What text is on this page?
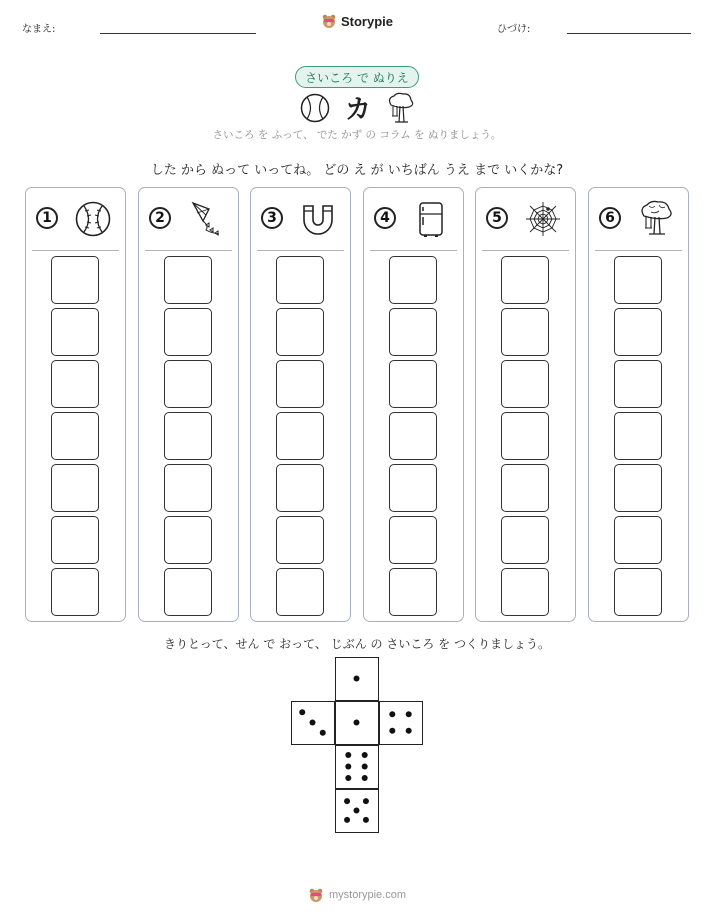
なまえ:
Storypie
ひづけ:
さいころ で ぬりえ
カ
さいころ を ふって、 でた かず の コラム を ぬりましょう。
した から ぬって いってね。 どの え が いちばん うえ まで いくかな?
1	2	3	4	5	6
きりとって、せん で おって、 じぶん の さいころ を つくりましょう。
mystorypie.com
